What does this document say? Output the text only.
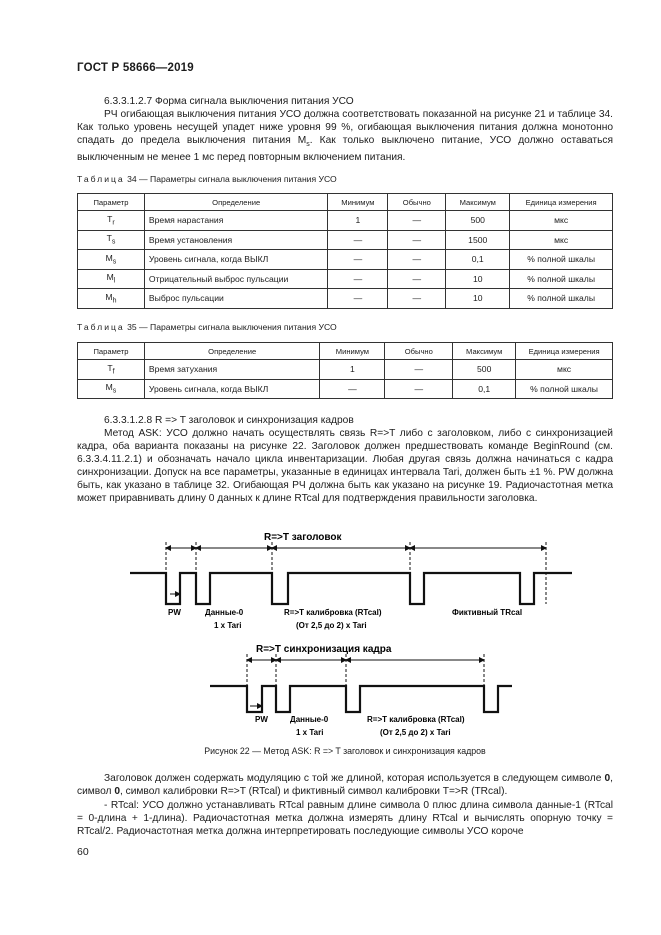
ГОСТ Р 58666—2019
6.3.3.1.2.7 Форма сигнала выключения питания УСО
РЧ огибающая выключения питания УСО должна соответствовать показанной на рисунке 21 и таблице 34. Как только уровень несущей упадет ниже уровня 99 %, огибающая выключения питания должна монотонно спадать до предела выключения питания $M_s$. Как только выключено питание, УСО должно оставаться выключенным не менее 1 мс перед повторным включением питания.
Таблица 34 — Параметры сигнала выключения питания УСО
Параметр	Определение	Минимум	Обычно	Максимум	Единица измерения
$T_r$	Время нарастания	1	—	500	мкс
$T_s$	Время установления	—	—	1500	мкс
$M_s$	Уровень сигнала, когда ВЫКЛ	—	—	0,1	% полной шкалы
$M_l$	Отрицательный выброс пульсации	—	—	10	% полной шкалы
$M_h$	Выброс пульсации	—	—	10	% полной шкалы
Таблица 35 — Параметры сигнала выключения питания УСО
Параметр	Определение	Минимум	Обычно	Максимум	Единица измерения
$T_f$	Время затухания	1	—	500	мкс
$M_s$	Уровень сигнала, когда ВЫКЛ	—	—	0,1	% полной шкалы
6.3.3.1.2.8 R => T заголовок и синхронизация кадров
Метод ASK: УСО должно начать осуществлять связь R=>T либо с заголовком, либо с синхронизацией кадра, оба варианта показаны на рисунке 22. Заголовок должен предшествовать команде BeginRound (см. 6.3.3.4.11.2.1) и обозначать начало цикла инвентаризации. Любая другая связь должна начинаться с кадра синхронизации. Допуск на все параметры, указанные в единицах интервала Tari, должен быть ±1 %. PW должна быть, как указано в таблице 32. Огибающая РЧ должна быть как указано на рисунке 19. Радиочастотная метка может приравнивать длину 0 данных к длине RTcal для подтверждения правильности заголовка.
R=>T заголовок
PW	Данные-0
1 x Tari
R=>T калибровка (RTcal)
(От 2,5 до 2) x Tari
Фиктивный TRcal
R=>T синхронизация кадра
PW	Данные-0
1 x Tari
R=>T калибровка (RTcal)
(От 2,5 до 2) x Tari
Рисунок 22 — Метод ASK: R => T заголовок и синхронизация кадров
Заголовок должен содержать модуляцию с той же длиной, которая используется в следующем символе 0, символ 0, символ калибровки R=>T (RTcal) и фиктивный символ калибровки T=>R (TRcal).
- RTcal: УСО должно устанавливать RTcal равным длине символа 0 плюс длина символа данные-1 (RTcal = 0-длина + 1-длина). Радиочастотная метка должна измерять длину RTcal и вычислять опорную точку = RTcal/2. Радиочастотная метка должна интерпретировать последующие символы УСО короче
60
